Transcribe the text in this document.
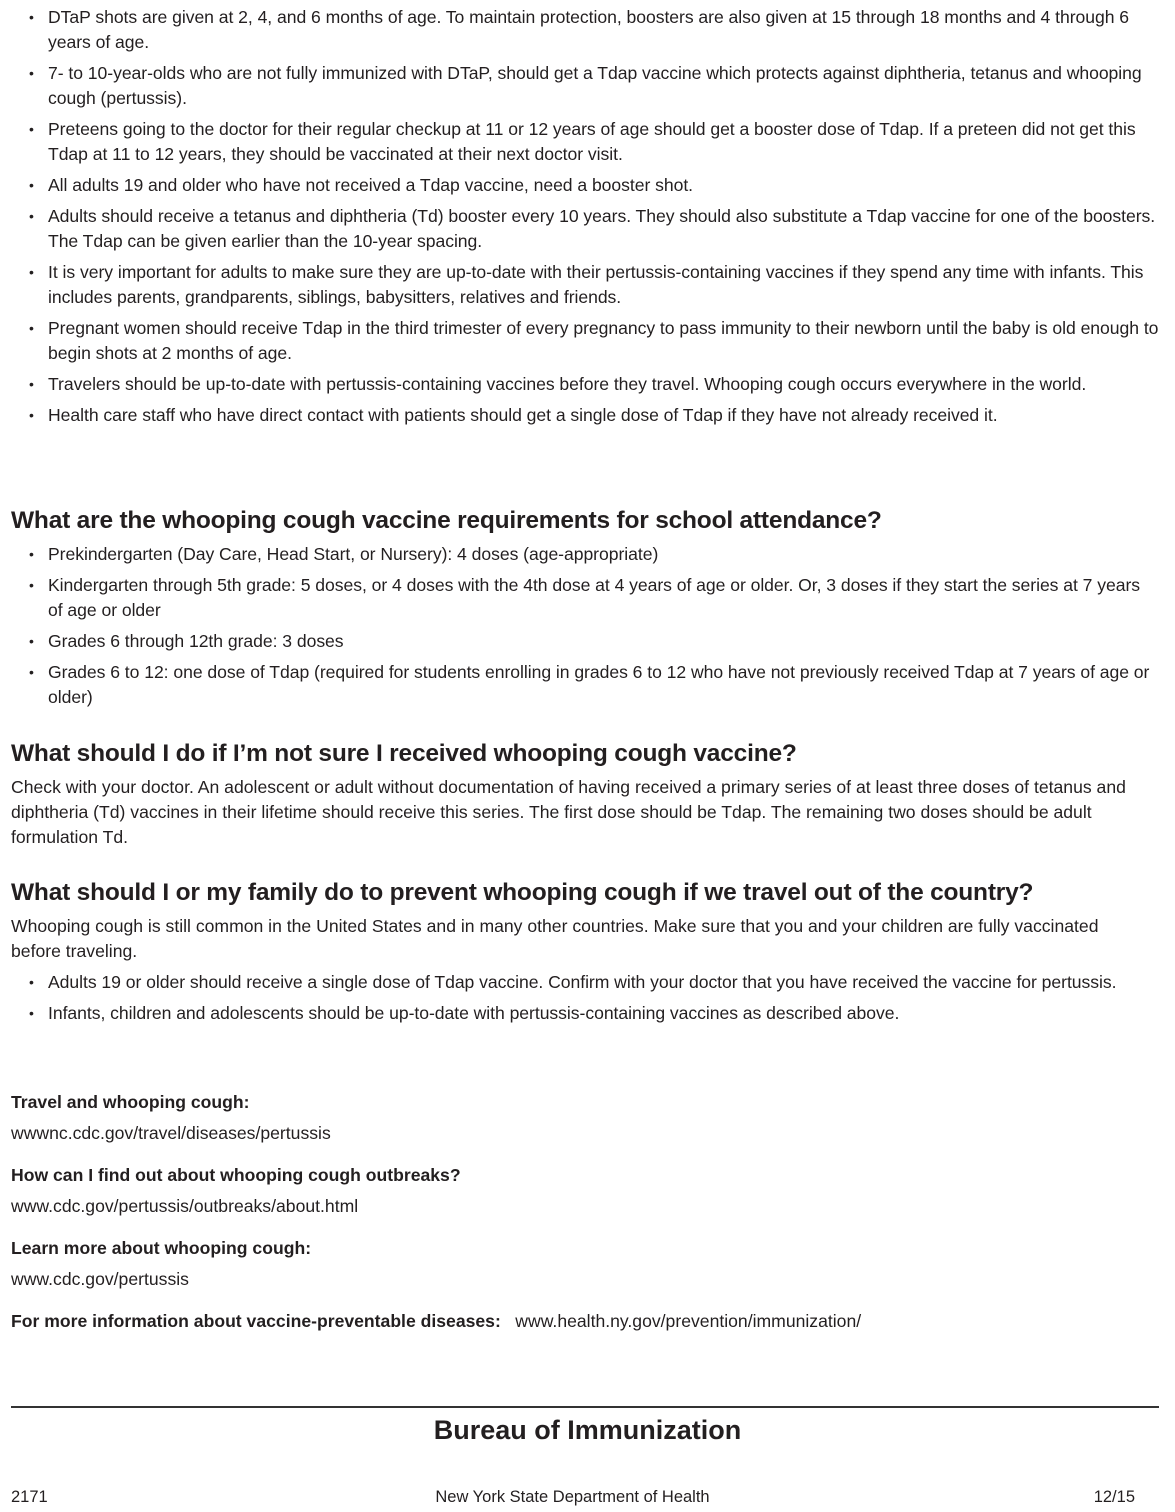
• DTaP shots are given at 2, 4, and 6 months of age. To maintain protection, boosters are also given at 15 through 18 months and 4 through 6 years of age.
• 7- to 10-year-olds who are not fully immunized with DTaP, should get a Tdap vaccine which protects against diphtheria, tetanus and whooping cough (pertussis).
• Preteens going to the doctor for their regular checkup at 11 or 12 years of age should get a booster dose of Tdap. If a preteen did not get this Tdap at 11 to 12 years, they should be vaccinated at their next doctor visit.
• All adults 19 and older who have not received a Tdap vaccine, need a booster shot.
• Adults should receive a tetanus and diphtheria (Td) booster every 10 years. They should also substitute a Tdap vaccine for one of the boosters. The Tdap can be given earlier than the 10-year spacing.
• It is very important for adults to make sure they are up-to-date with their pertussis-containing vaccines if they spend any time with infants. This includes parents, grandparents, siblings, babysitters, relatives and friends.
• Pregnant women should receive Tdap in the third trimester of every pregnancy to pass immunity to their newborn until the baby is old enough to begin shots at 2 months of age.
• Travelers should be up-to-date with pertussis-containing vaccines before they travel. Whooping cough occurs everywhere in the world.
• Health care staff who have direct contact with patients should get a single dose of Tdap if they have not already received it.
What are the whooping cough vaccine requirements for school attendance?
• Prekindergarten (Day Care, Head Start, or Nursery): 4 doses (age-appropriate)
• Kindergarten through 5th grade: 5 doses, or 4 doses with the 4th dose at 4 years of age or older. Or, 3 doses if they start the series at 7 years of age or older
• Grades 6 through 12th grade: 3 doses
• Grades 6 to 12: one dose of Tdap (required for students enrolling in grades 6 to 12 who have not previously received Tdap at 7 years of age or older)
What should I do if I’m not sure I received whooping cough vaccine?

Check with your doctor. An adolescent or adult without documentation of having received a primary series of at least three doses of tetanus and diphtheria (Td) vaccines in their lifetime should receive this series. The first dose should be Tdap. The remaining two doses should be adult formulation Td.

What should I or my family do to prevent whooping cough if we travel out of the country?

Whooping cough is still common in the United States and in many other countries. Make sure that you and your children are fully vaccinated before traveling.

• Adults 19 or older should receive a single dose of Tdap vaccine. Confirm with your doctor that you have received the vaccine for pertussis.
• Infants, children and adolescents should be up-to-date with pertussis-containing vaccines as described above.
Travel and whooping cough:
wwwnc.cdc.gov/travel/diseases/pertussis
How can I find out about whooping cough outbreaks?
www.cdc.gov/pertussis/outbreaks/about.html
Learn more about whooping cough:
www.cdc.gov/pertussis
For more information about vaccine-preventable diseases: www.health.ny.gov/prevention/immunization/
Bureau of Immunization
2171	New York State Department of Health	12/15
